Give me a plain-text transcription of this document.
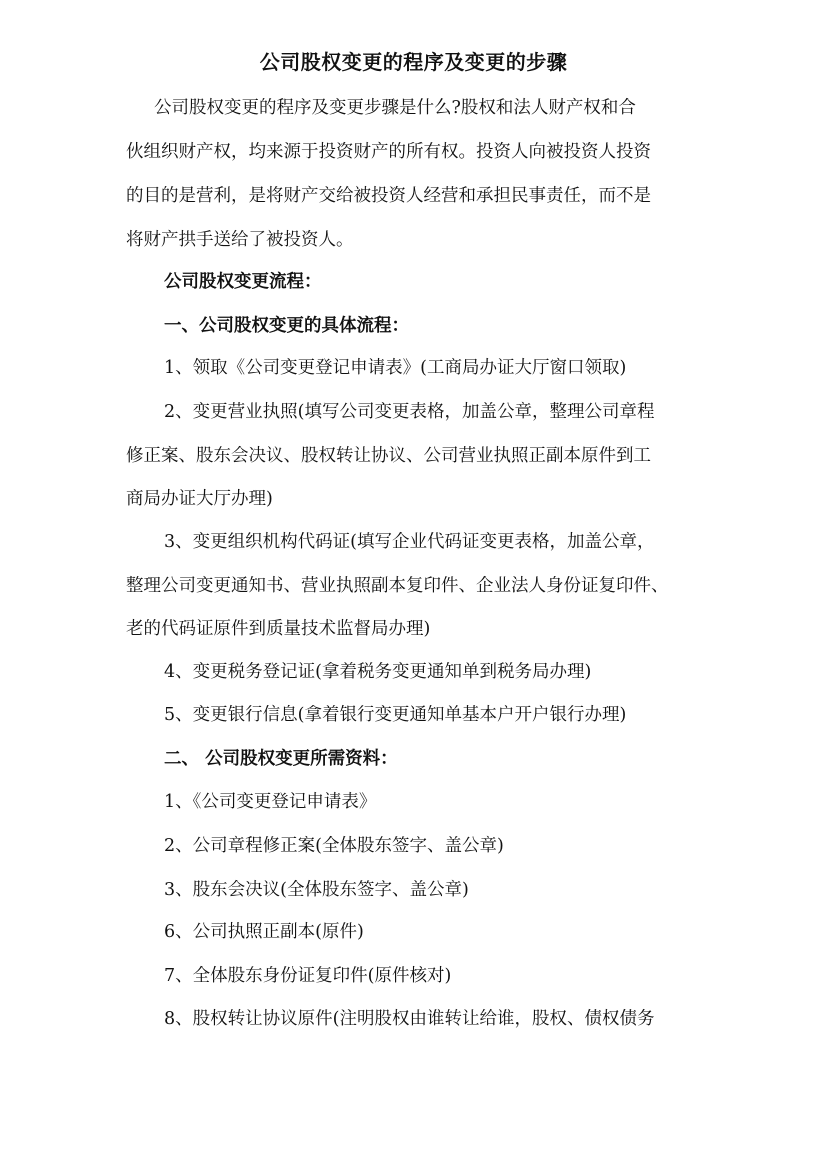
公司股权变更的程序及变更的步骤
公司股权变更的程序及变更步骤是什么?股权和法人财产权和合
伙组织财产权，均来源于投资财产的所有权。投资人向被投资人投资
的目的是营利，是将财产交给被投资人经营和承担民事责任，而不是
将财产拱手送给了被投资人。
公司股权变更流程：
一、公司股权变更的具体流程：
1、领取《公司变更登记申请表》(工商局办证大厅窗口领取)
2、变更营业执照(填写公司变更表格，加盖公章，整理公司章程
修正案、股东会决议、股权转让协议、公司营业执照正副本原件到工
商局办证大厅办理)
3、变更组织机构代码证(填写企业代码证变更表格，加盖公章，
整理公司变更通知书、营业执照副本复印件、企业法人身份证复印件、
老的代码证原件到质量技术监督局办理)
4、变更税务登记证(拿着税务变更通知单到税务局办理)
5、变更银行信息(拿着银行变更通知单基本户开户银行办理)
二、 公司股权变更所需资料：
1、《公司变更登记申请表》
2、公司章程修正案(全体股东签字、盖公章)
3、股东会决议(全体股东签字、盖公章)
6、公司执照正副本(原件)
7、全体股东身份证复印件(原件核对)
8、股权转让协议原件(注明股权由谁转让给谁，股权、债权债务
